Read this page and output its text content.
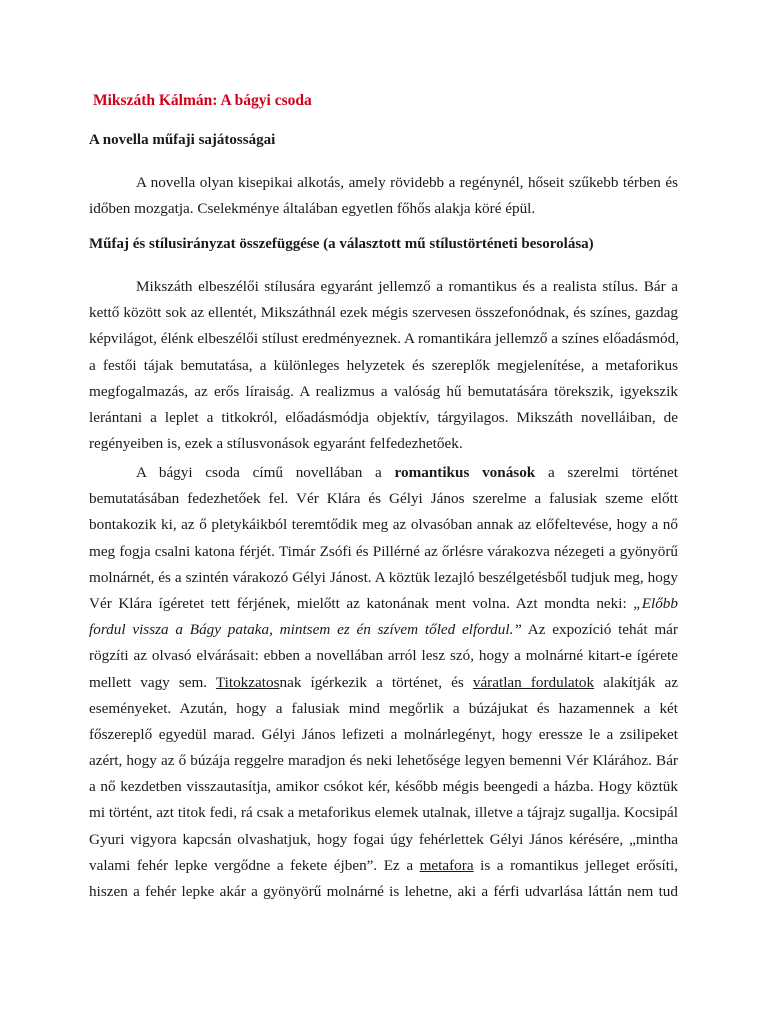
Mikszáth Kálmán: A bágyi csoda
A novella műfaji sajátosságai
A novella olyan kisepikai alkotás, amely rövidebb a regénynél, hőseit szűkebb térben és
időben mozgatja. Cselekménye általában egyetlen főhős alakja köré épül.
Műfaj és stílusirányzat összefüggése (a választott mű stílustörténeti besorolása)
Mikszáth elbeszélői stílusára egyaránt jellemző a romantikus és a realista stílus. Bár a
kettő között sok az ellentét, Mikszáthnál ezek mégis szervesen összefonódnak, és színes, gazdag
képvilágot, élénk elbeszélői stílust eredményeznek. A romantikára jellemző a színes előadásmód,
a festői tájak bemutatása, a különleges helyzetek és szereplők megjelenítése, a metaforikus
megfogalmazás, az erős líraiság. A realizmus a valóság hű bemutatására törekszik, igyekszik
lerántani a leplet a titkokról, előadásmódja objektív, tárgyilagos. Mikszáth novelláiban, de
regényeiben is, ezek a stílusvonások egyaránt felfedezhetőek.
A bágyi csoda című novellában a romantikus vonások a szerelmi történet
bemutatásában fedezhetőek fel. Vér Klára és Gélyi János szerelme a falusiak szeme előtt
bontakozik ki, az ő pletykáikból teremtődik meg az olvasóban annak az előfeltevése, hogy a nő
meg fogja csalni katona férjét. Timár Zsófi és Pillérné az őrlésre várakozva nézegeti a gyönyörű
molnárnét, és a szintén várakozó Gélyi Jánost. A köztük lezajló beszélgetésből tudjuk meg, hogy
Vér Klára ígéretet tett férjének, mielőtt az katonának ment volna. Azt mondta neki: „Előbb
fordul vissza a Bágy pataka, mintsem ez én szívem tőled elfordul.” Az expozíció tehát már
rögzíti az olvasó elvárásait: ebben a novellában arról lesz szó, hogy a molnárné kitart-e ígérete
mellett vagy sem. Titokzatosnak ígérkezik a történet, és váratlan fordulatok alakítják az
eseményeket. Azután, hogy a falusiak mind megőrlik a búzájukat és hazamennek a két
főszereplő egyedül marad. Gélyi János lefizeti a molnárlegényt, hogy eressze le a zsilipeket
azért, hogy az ő búzája reggelre maradjon és neki lehetősége legyen bemenni Vér Klárához. Bár
a nő kezdetben visszautasítja, amikor csókot kér, később mégis beengedi a házba. Hogy köztük
mi történt, azt titok fedi, rá csak a metaforikus elemek utalnak, illetve a tájrajz sugallja. Kocsipál
Gyuri vigyora kapcsán olvashatjuk, hogy fogai úgy fehérlettek Gélyi János kérésére, „mintha
valami fehér lepke vergődne a fekete éjben”. Ez a metafora is a romantikus jelleget erősíti,
hiszen a fehér lepke akár a gyönyörű molnárné is lehetne, aki a férfi udvarlása láttán nem tud
